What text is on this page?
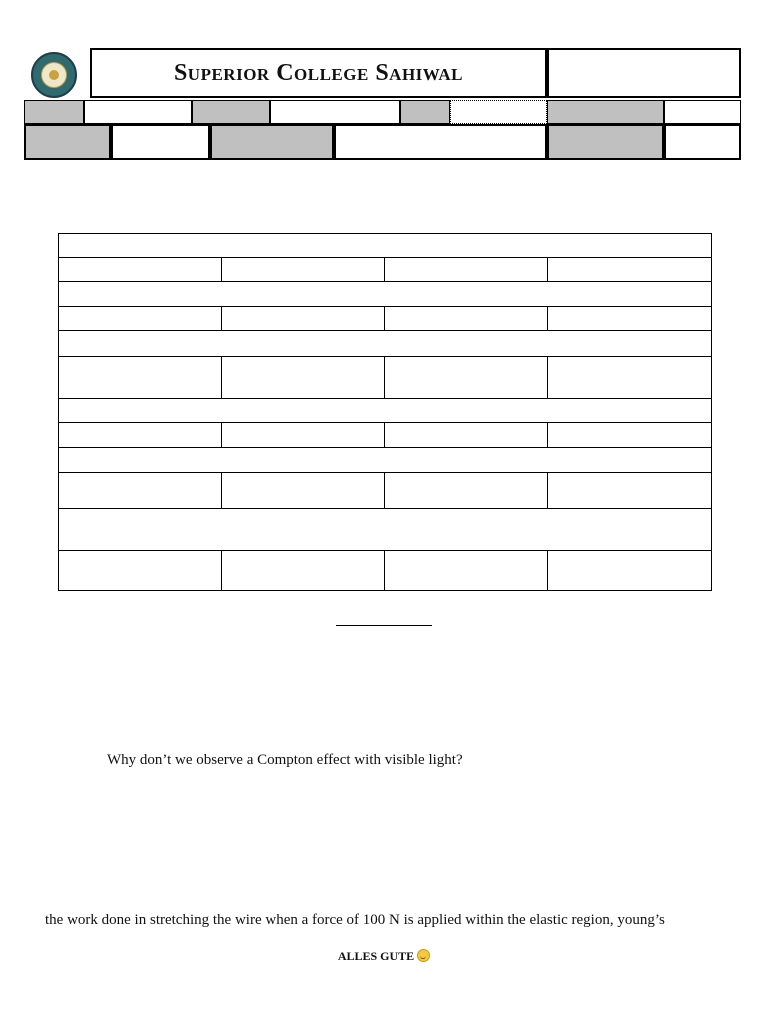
Superior College Sahiwal
Why don’t we observe a Compton effect with visible light?
the work done in stretching the wire when a force of 100 N is applied within the elastic region, young’s
ALLES GUTE
